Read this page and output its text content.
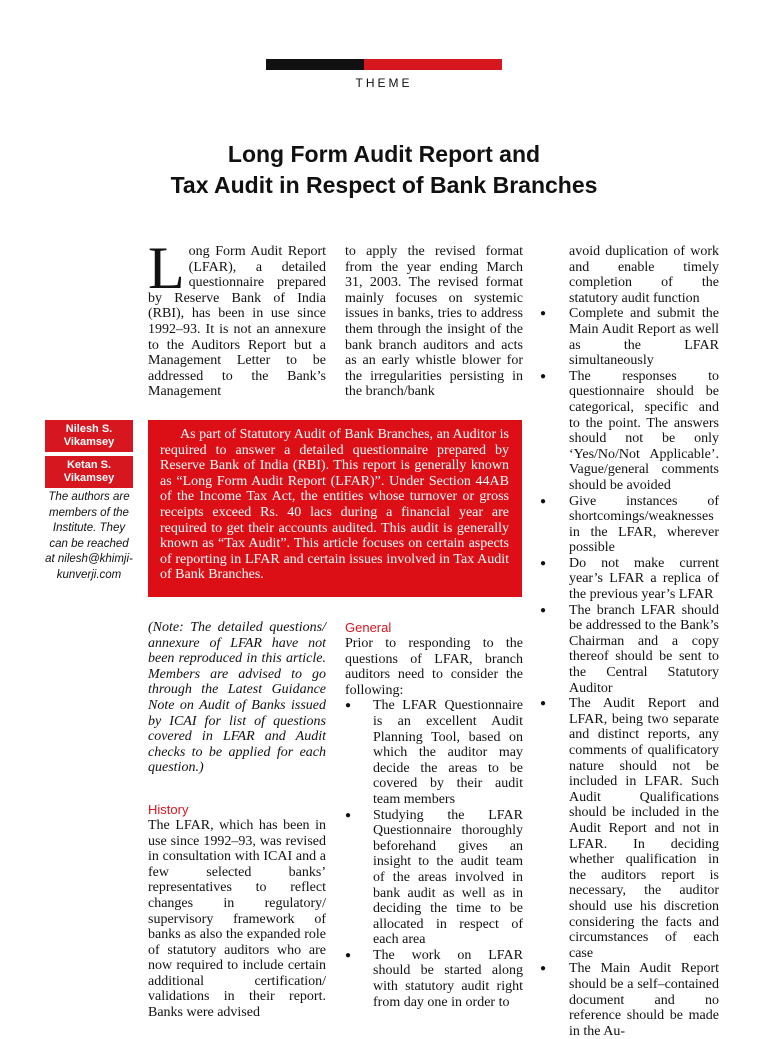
THEME
Long Form Audit Report and
Tax Audit in Respect of Bank Branches

Long Form Audit Report (LFAR), a detailed questionnaire prepared by Reserve Bank of India (RBI), has been in use since 1992–93. It is not an annexure to the Auditors Report but a Management Letter to be addressed to the Bank’s Management

to apply the revised format from the year ending March 31, 2003. The revised format mainly focuses on systemic issues in banks, tries to address them through the insight of the bank branch auditors and acts as an early whistle blower for the irregularities persisting in the branch/bank

Nilesh S. Vikamsey
Ketan S. Vikamsey
The authors are members of the Institute. They can be reached at nilesh@khimji-kunverji.com

As part of Statutory Audit of Bank Branches, an Auditor is required to answer a detailed questionnaire prepared by Reserve Bank of India (RBI). This report is generally known as “Long Form Audit Report (LFAR)”. Under Section 44AB of the Income Tax Act, the entities whose turnover or gross receipts exceed Rs. 40 lacs during a financial year are required to get their accounts audited. This audit is generally known as “Tax Audit”. This article focuses on certain aspects of reporting in LFAR and certain issues involved in Tax Audit of Bank Branches.

(Note: The detailed questions/ annexure of LFAR have not been reproduced in this article. Members are advised to go through the Latest Guidance Note on Audit of Banks issued by ICAI for list of questions covered in LFAR and Audit checks to be applied for each question.)

History

The LFAR, which has been in use since 1992–93, was revised in consultation with ICAI and a few selected banks’ representatives to reflect changes in regulatory/ supervisory framework of banks as also the expanded role of statutory auditors who are now required to include certain additional certification/ validations in their report. Banks were advised

General

Prior to responding to the questions of LFAR, branch auditors need to consider the following:

● The LFAR Questionnaire is an excellent Audit Planning Tool, based on which the auditor may decide the areas to be covered by their audit team members
● Studying the LFAR Questionnaire thoroughly beforehand gives an insight to the audit team of the areas involved in bank audit as well as in deciding the time to be allocated in respect of each area
● The work on LFAR should be started along with statutory audit right from day one in order to

avoid duplication of work and enable timely completion of the statutory audit function

● Complete and submit the Main Audit Report as well as the LFAR simultaneously
● The responses to questionnaire should be categorical, specific and to the point. The answers should not be only ‘Yes/No/Not Applicable’. Vague/general comments should be avoided
● Give instances of shortcomings/weaknesses in the LFAR, wherever possible
● Do not make current year’s LFAR a replica of the previous year’s LFAR
● The branch LFAR should be addressed to the Bank’s Chairman and a copy thereof should be sent to the Central Statutory Auditor
● The Audit Report and LFAR, being two separate and distinct reports, any comments of qualificatory nature should not be included in LFAR. Such Audit Qualifications should be included in the Audit Report and not in LFAR. In deciding whether qualification in the auditors report is necessary, the auditor should use his discretion considering the facts and circumstances of each case
● The Main Audit Report should be a self–contained document and no reference should be made in the Au-
